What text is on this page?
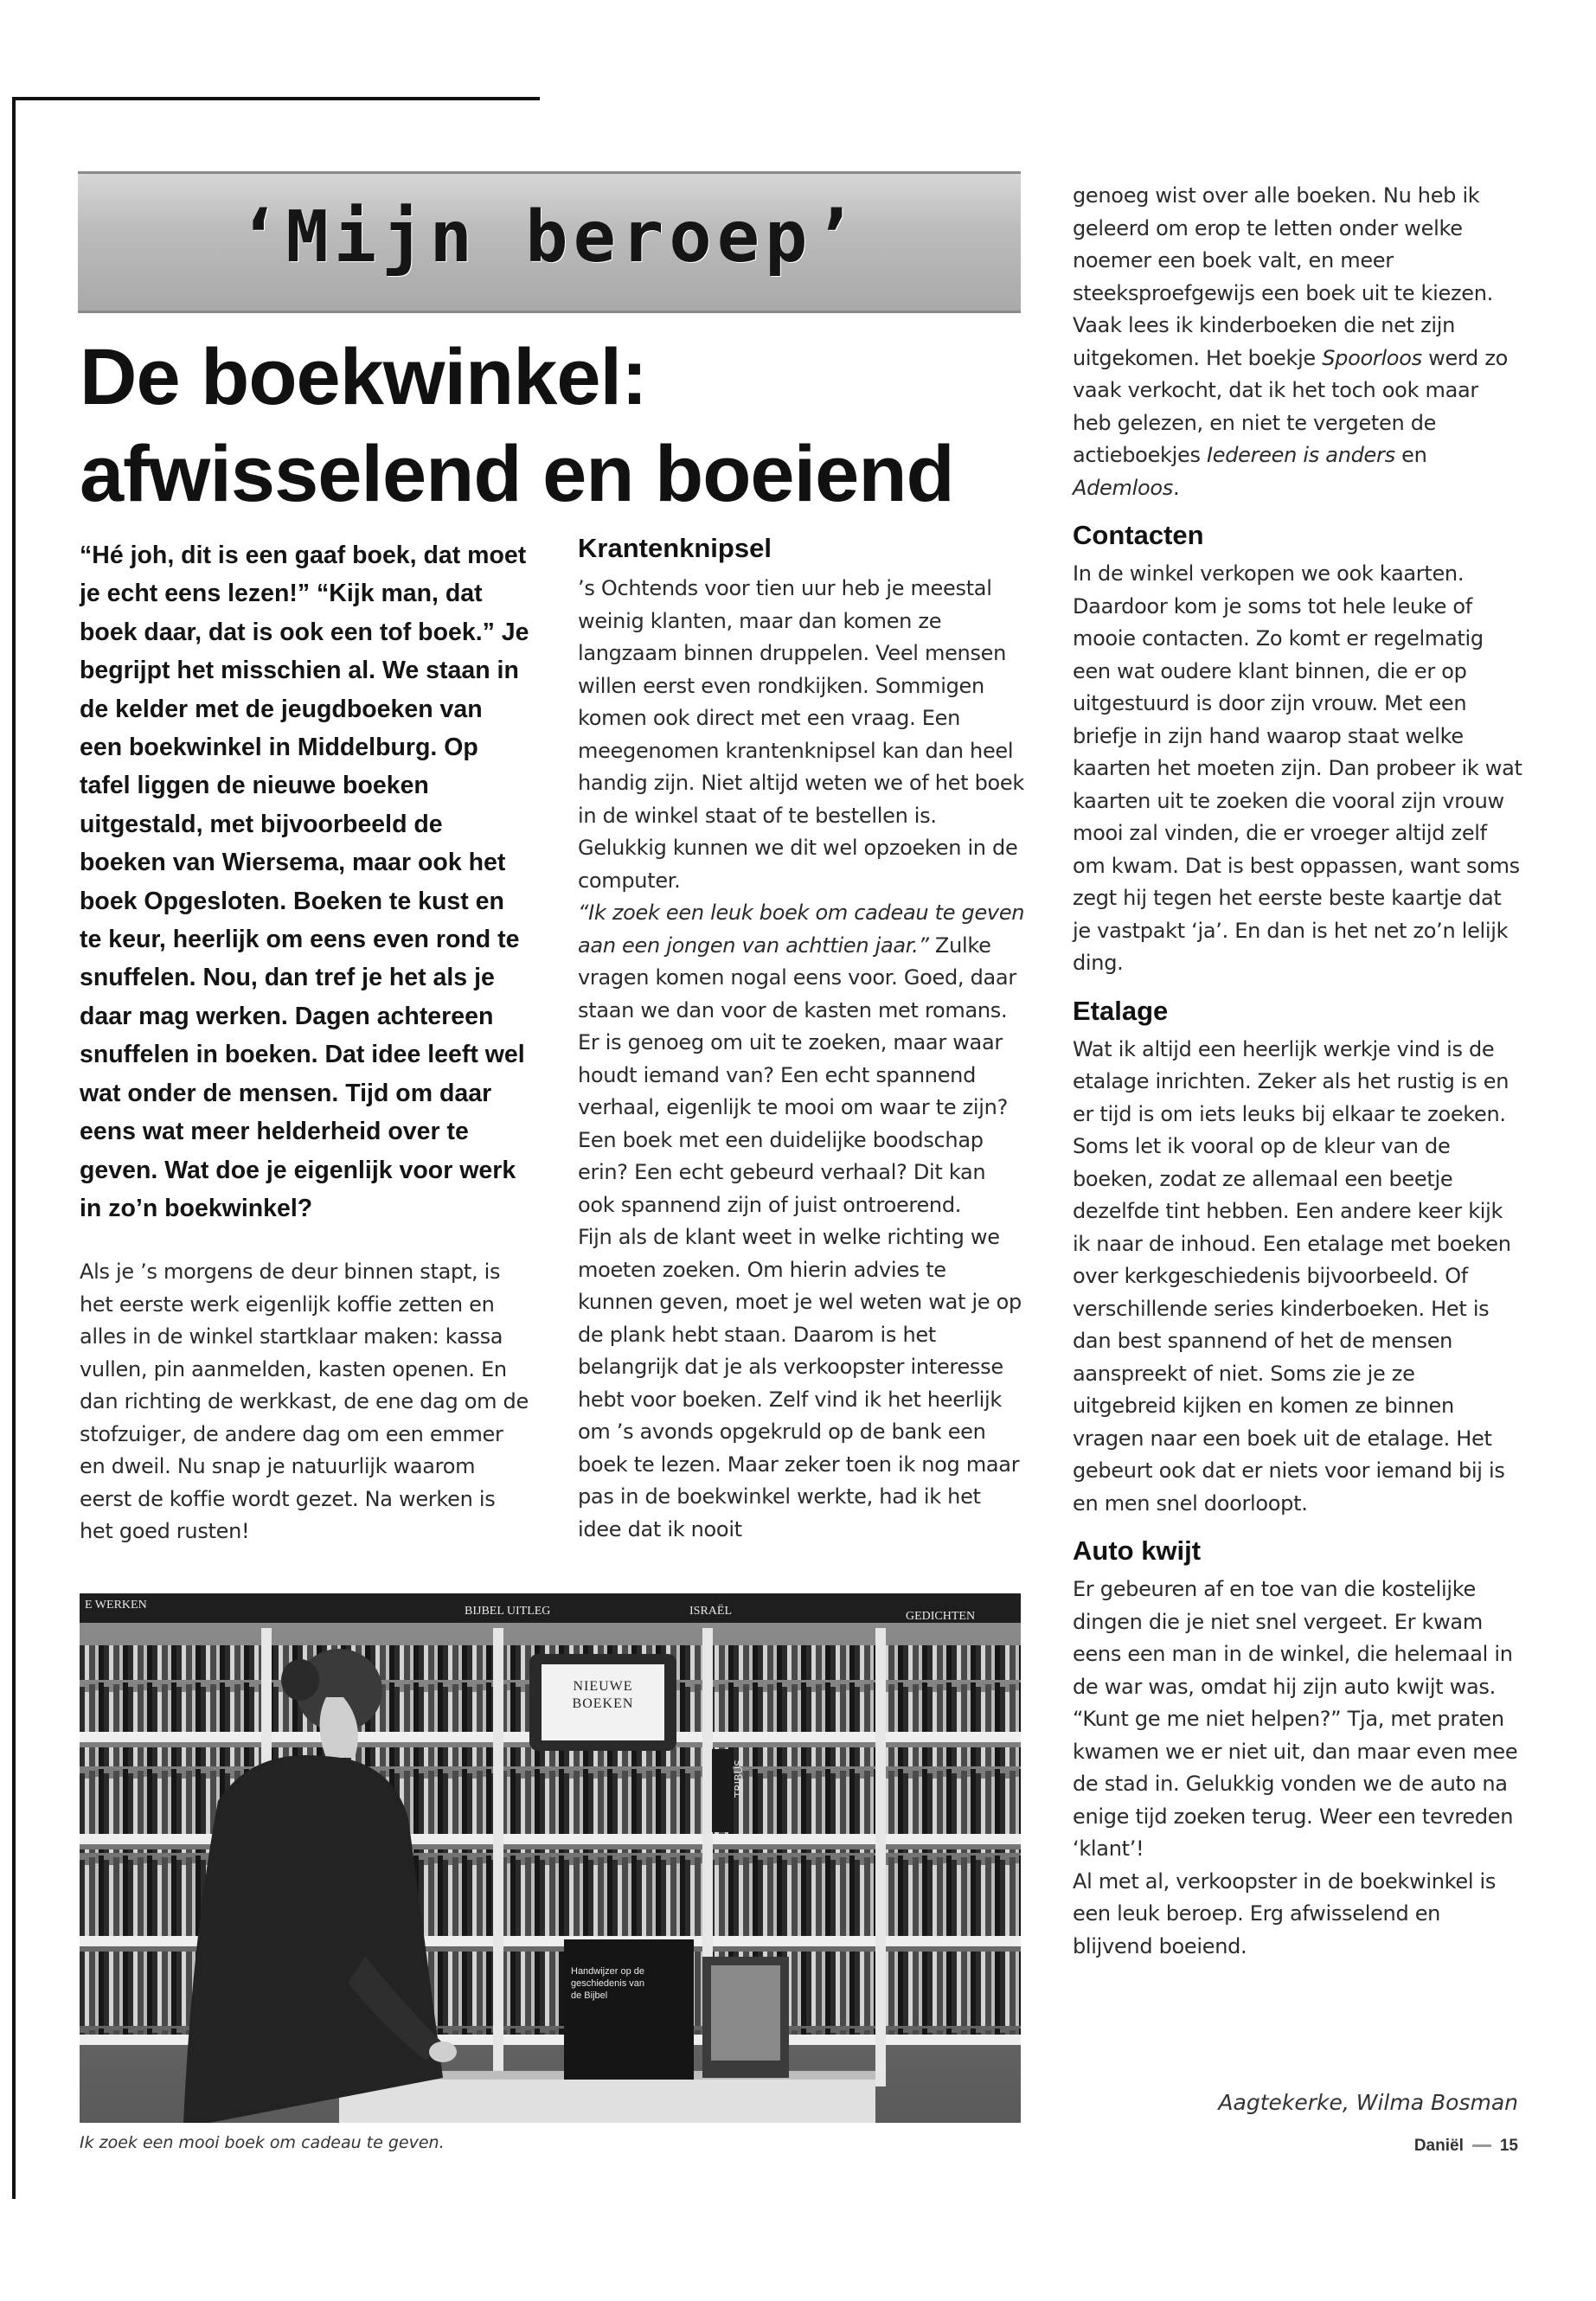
‘Mijn beroep’
De boekwinkel:
afwisselend en boeiend

“Hé joh, dit is een gaaf boek, dat moet je echt eens lezen!” “Kijk man, dat boek daar, dat is ook een tof boek.” Je begrijpt het misschien al. We staan in de kelder met de jeugdboeken van een boekwinkel in Middelburg. Op tafel liggen de nieuwe boeken uitgestald, met bijvoorbeeld de boeken van Wiersema, maar ook het boek Opgesloten. Boeken te kust en te keur, heerlijk om eens even rond te snuffelen. Nou, dan tref je het als je daar mag werken. Dagen achtereen snuffelen in boeken. Dat idee leeft wel wat onder de mensen. Tijd om daar eens wat meer helderheid over te geven. Wat doe je eigenlijk voor werk in zo’n boekwinkel?

Als je ’s morgens de deur binnen stapt, is het eerste werk eigenlijk koffie zetten en alles in de winkel startklaar maken: kassa vullen, pin aanmelden, kasten openen. En dan richting de werkkast, de ene dag om de stofzuiger, de andere dag om een emmer en dweil. Nu snap je natuurlijk waarom eerst de koffie wordt gezet. Na werken is het goed rusten!

Krantenknipsel

’s Ochtends voor tien uur heb je meestal weinig klanten, maar dan komen ze langzaam binnen druppelen. Veel mensen willen eerst even rondkijken. Sommigen komen ook direct met een vraag. Een meegenomen krantenknipsel kan dan heel handig zijn. Niet altijd weten we of het boek in de winkel staat of te bestellen is. Gelukkig kunnen we dit wel opzoeken in de computer.

“Ik zoek een leuk boek om cadeau te geven aan een jongen van achttien jaar.” Zulke vragen komen nogal eens voor. Goed, daar staan we dan voor de kasten met romans. Er is genoeg om uit te zoeken, maar waar houdt iemand van? Een echt spannend verhaal, eigenlijk te mooi om waar te zijn? Een boek met een duidelijke boodschap erin? Een echt gebeurd verhaal? Dit kan ook spannend zijn of juist ontroerend.

Fijn als de klant weet in welke richting we moeten zoeken. Om hierin advies te kunnen geven, moet je wel weten wat je op de plank hebt staan. Daarom is het belangrijk dat je als verkoopster interesse hebt voor boeken. Zelf vind ik het heerlijk om ’s avonds opgekruld op de bank een boek te lezen. Maar zeker toen ik nog maar pas in de boekwinkel werkte, had ik het idee dat ik nooit

genoeg wist over alle boeken. Nu heb ik geleerd om erop te letten onder welke noemer een boek valt, en meer steeksproefgewijs een boek uit te kiezen. Vaak lees ik kinderboeken die net zijn uitgekomen. Het boekje Spoorloos werd zo vaak verkocht, dat ik het toch ook maar heb gelezen, en niet te vergeten de actieboekjes Iedereen is anders en Ademloos.

Contacten

In de winkel verkopen we ook kaarten. Daardoor kom je soms tot hele leuke of mooie contacten. Zo komt er regelmatig een wat oudere klant binnen, die er op uitgestuurd is door zijn vrouw. Met een briefje in zijn hand waarop staat welke kaarten het moeten zijn. Dan probeer ik wat kaarten uit te zoeken die vooral zijn vrouw mooi zal vinden, die er vroeger altijd zelf om kwam. Dat is best oppassen, want soms zegt hij tegen het eerste beste kaartje dat je vastpakt ‘ja’. En dan is het net zo’n lelijk ding.

Etalage

Wat ik altijd een heerlijk werkje vind is de etalage inrichten. Zeker als het rustig is en er tijd is om iets leuks bij elkaar te zoeken. Soms let ik vooral op de kleur van de boeken, zodat ze allemaal een beetje dezelfde tint hebben. Een andere keer kijk ik naar de inhoud. Een etalage met boeken over kerkgeschiedenis bijvoorbeeld. Of verschillende series kinderboeken. Het is dan best spannend of het de mensen aanspreekt of niet. Soms zie je ze uitgebreid kijken en komen ze binnen vragen naar een boek uit de etalage. Het gebeurt ook dat er niets voor iemand bij is en men snel doorloopt.

Auto kwijt

Er gebeuren af en toe van die kostelijke dingen die je niet snel vergeet. Er kwam eens een man in de winkel, die helemaal in de war was, omdat hij zijn auto kwijt was. “Kunt ge me niet helpen?” Tja, met praten kwamen we er niet uit, dan maar even mee de stad in. Gelukkig vonden we de auto na enige tijd zoeken terug. Weer een tevreden ‘klant’!

Al met al, verkoopster in de boekwinkel is een leuk beroep. Erg afwisselend en blijvend boeiend.

E WERKEN	BIJBEL UITLEG	ISRAËL	GEDICHTEN
TRIBUS
NIEUWE BOEKEN
Handwijzer op de geschiedenis van de Bijbel

Ik zoek een mooi boek om cadeau te geven.

Aagtekerke, Wilma Bosman

Daniël 15
